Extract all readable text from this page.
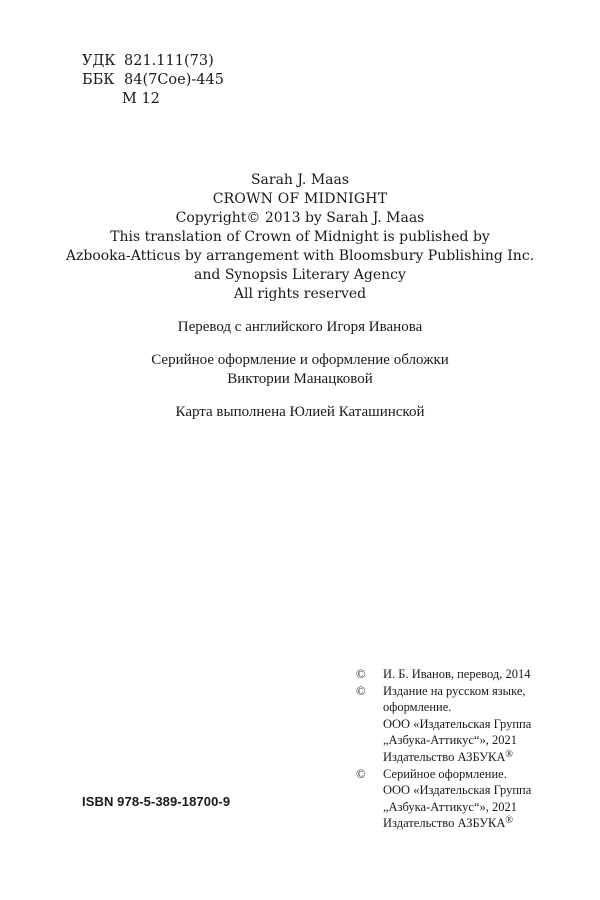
УДК 821.111(73)
ББК 84(7Сое)-445
М 12
Sarah J. Maas
CROWN OF MIDNIGHT
Copyright© 2013 by Sarah J. Maas
This translation of Crown of Midnight is published by
Azbooka-Atticus by arrangement with Bloomsbury Publishing Inc.
and Synopsis Literary Agency
All rights reserved
Перевод с английского Игоря Иванова
Серийное оформление и оформление обложки
Виктории Манацковой
Карта выполнена Юлией Каташинской
©	И. Б. Иванов, перевод, 2014
©	Издание на русском языке,
оформление.
ООО «Издательская Группа
„Азбука-Аттикус“», 2021
Издательство АЗБУКА®
©	Серийное оформление.
ООО «Издательская Группа
„Азбука-Аттикус“», 2021
Издательство АЗБУКА®
ISBN 978-5-389-18700-9
